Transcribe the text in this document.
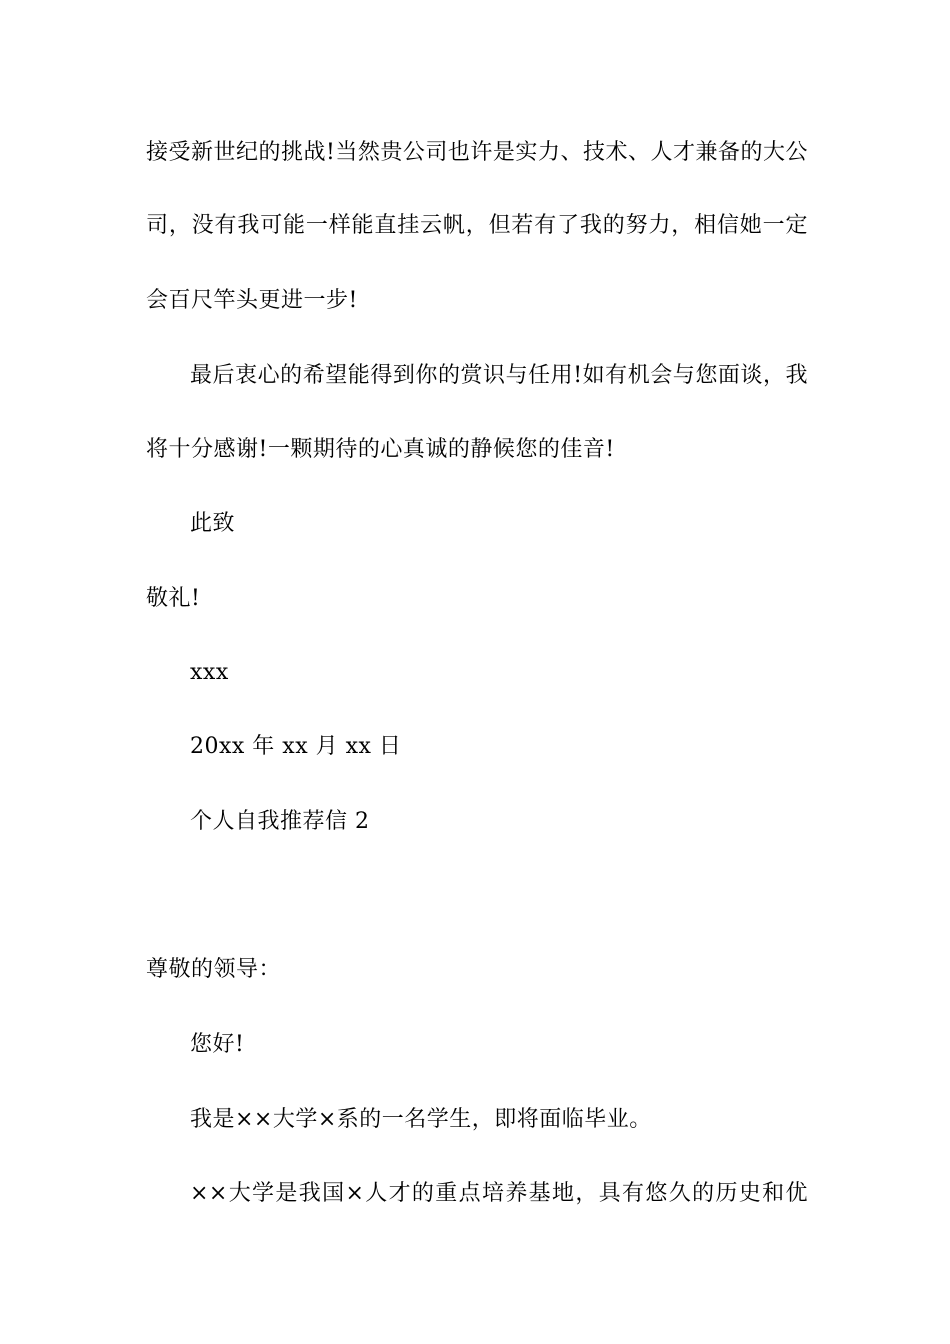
接受新世纪的挑战!当然贵公司也许是实力、技术、人才兼备的大公
司，没有我可能一样能直挂云帆，但若有了我的努力，相信她一定
会百尺竿头更进一步!
最后衷心的希望能得到你的赏识与任用!如有机会与您面谈，我
将十分感谢!一颗期待的心真诚的静候您的佳音!
此致
敬礼!
xxx
20xx 年 xx 月 xx 日
个人自我推荐信 2
尊敬的领导：
您好!
我是××大学×系的一名学生，即将面临毕业。
××大学是我国×人才的重点培养基地，具有悠久的历史和优
